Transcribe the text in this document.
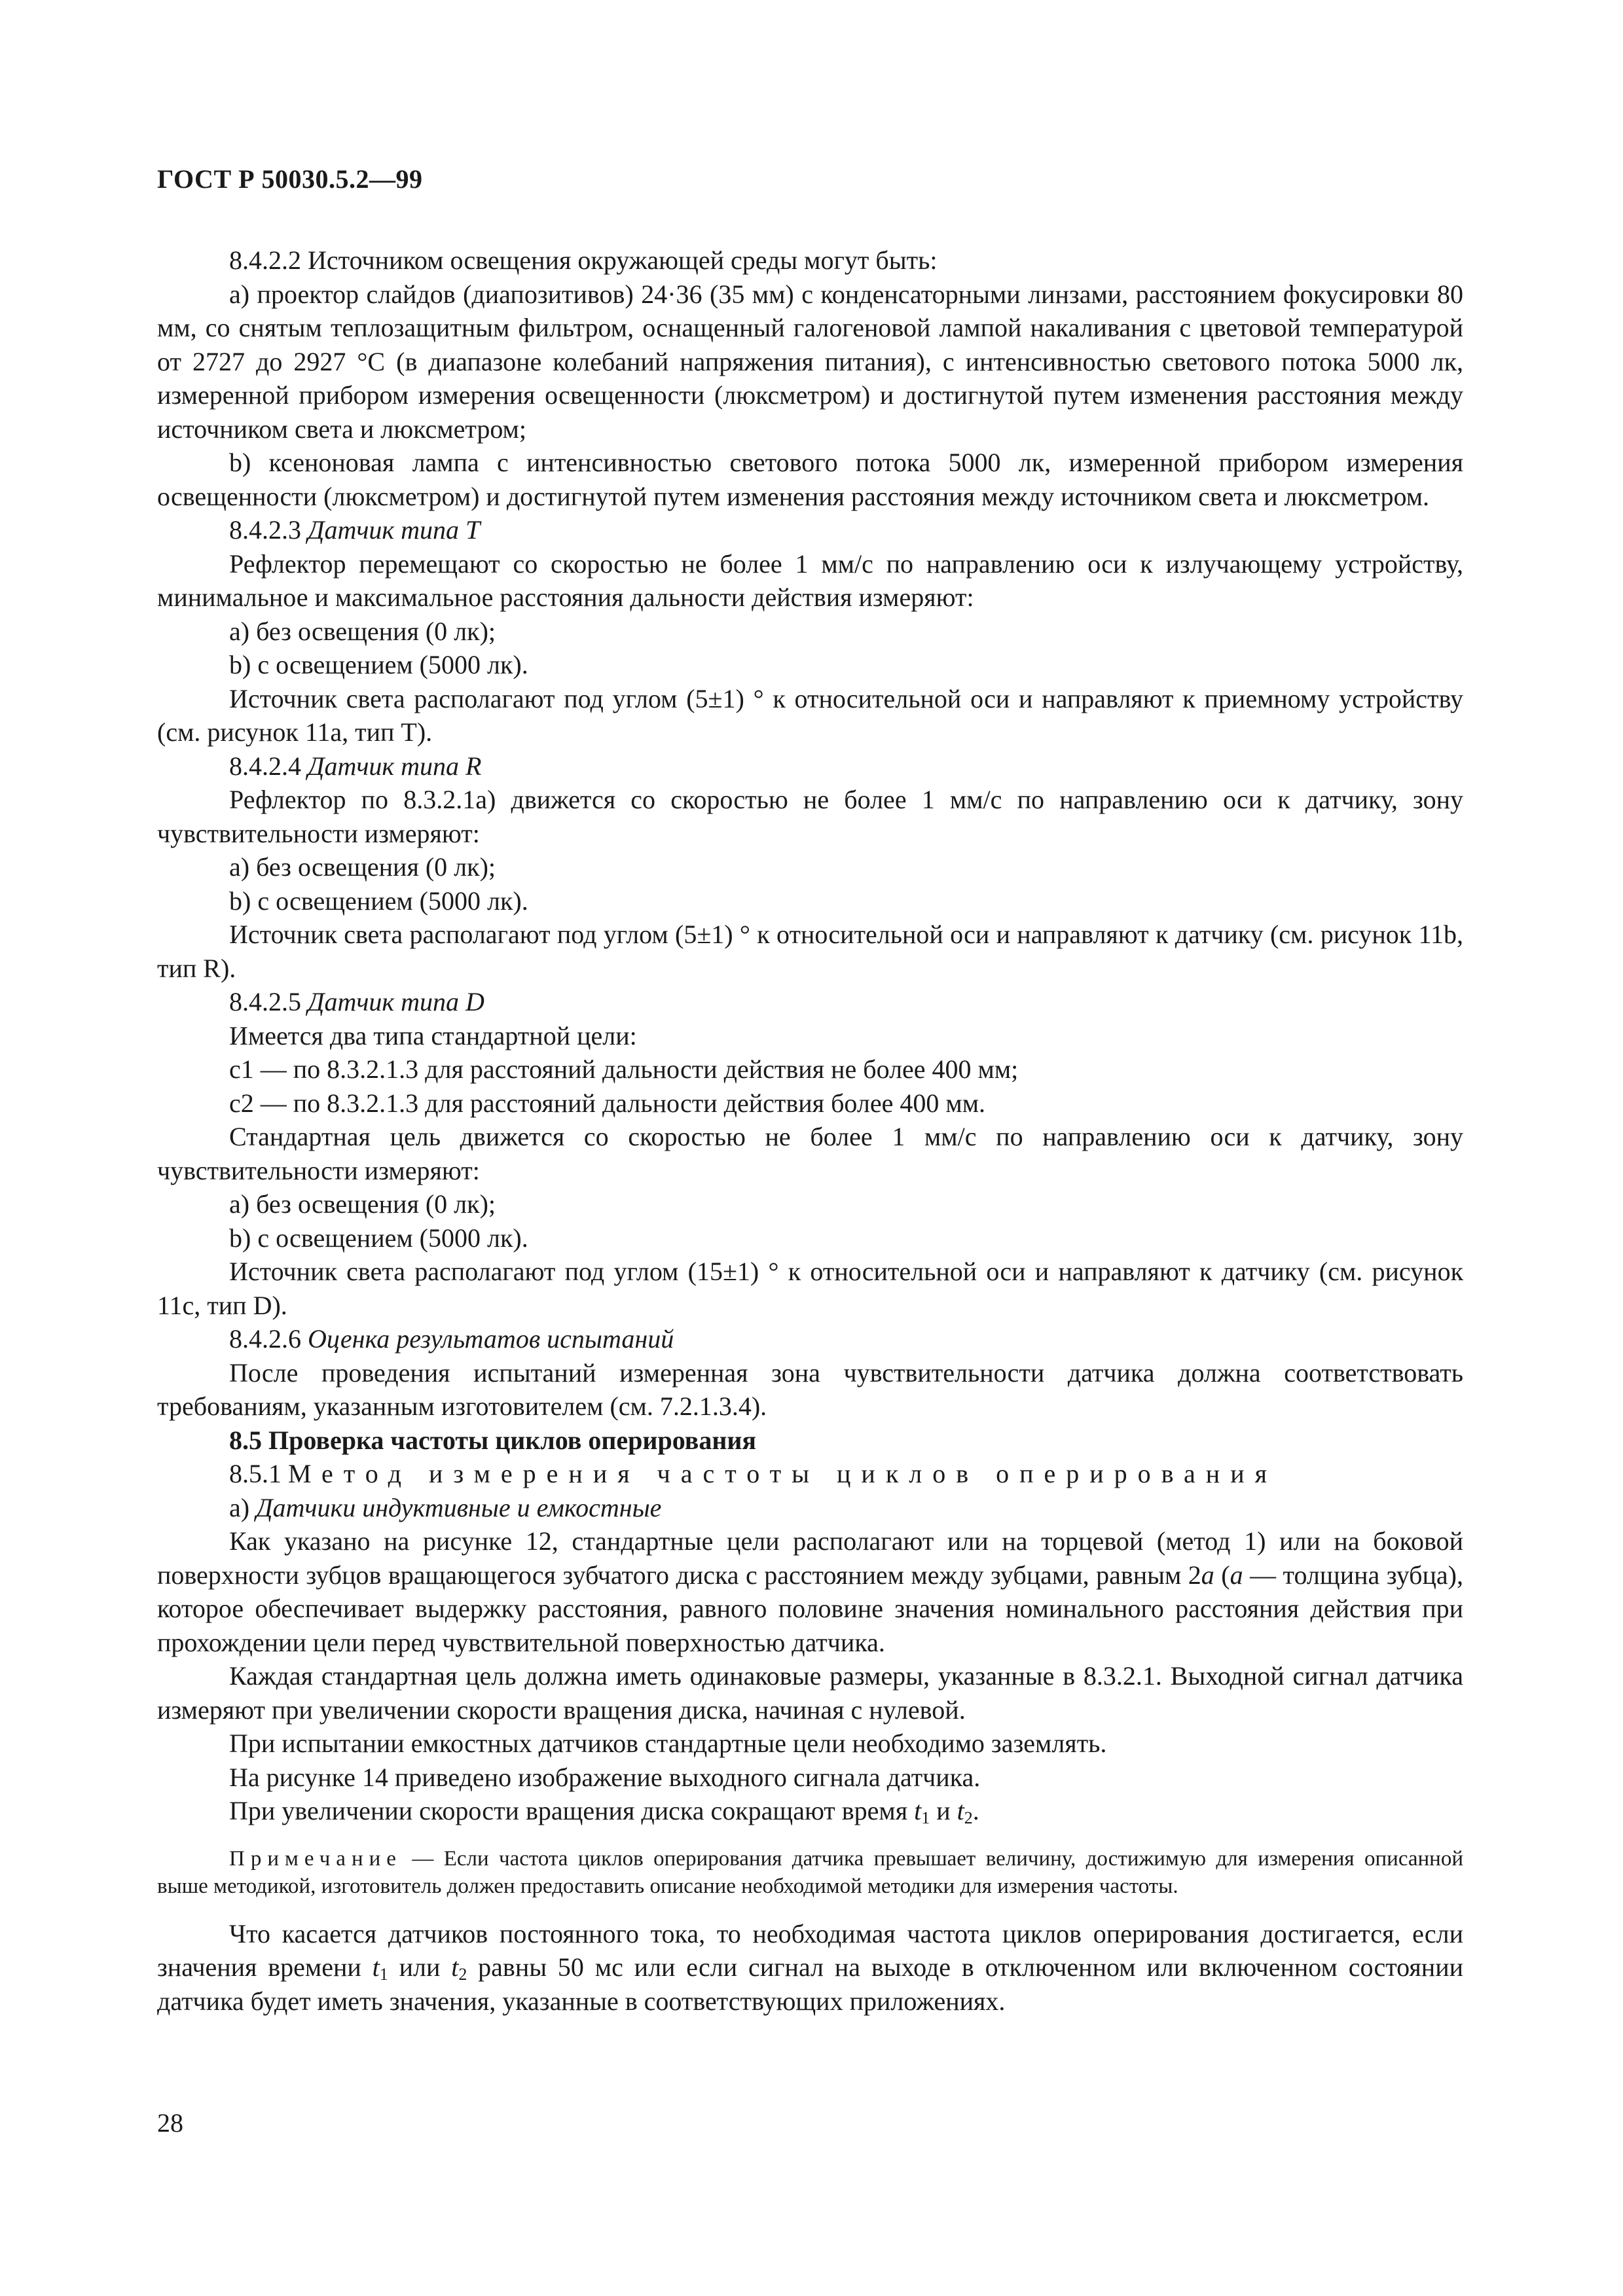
ГОСТ Р 50030.5.2—99

8.4.2.2 Источником освещения окружающей среды могут быть:

а) проектор слайдов (диапозитивов) 24·36 (35 мм) с конденсаторными линзами, расстоянием фокусировки 80 мм, со снятым теплозащитным фильтром, оснащенный галогеновой лампой накаливания с цветовой температурой от 2727 до 2927 °С (в диапазоне колебаний напряжения питания), с интенсивностью светового потока 5000 лк, измеренной прибором измерения освещенности (люксметром) и достигнутой путем изменения расстояния между источником света и люксметром;

b) ксеноновая лампа с интенсивностью светового потока 5000 лк, измеренной прибором измерения освещенности (люксметром) и достигнутой путем изменения расстояния между источником света и люксметром.

8.4.2.3 Датчик типа T

Рефлектор перемещают со скоростью не более 1 мм/с по направлению оси к излучающему устройству, минимальное и максимальное расстояния дальности действия измеряют:

а) без освещения (0 лк);

b) с освещением (5000 лк).

Источник света располагают под углом (5±1) ° к относительной оси и направляют к приемному устройству (см. рисунок 11а, тип Т).

8.4.2.4 Датчик типа R

Рефлектор по 8.3.2.1а) движется со скоростью не более 1 мм/с по направлению оси к датчику, зону чувствительности измеряют:

а) без освещения (0 лк);

b) с освещением (5000 лк).

Источник света располагают под углом (5±1) ° к относительной оси и направляют к датчику (см. рисунок 11b, тип R).

8.4.2.5 Датчик типа D

Имеется два типа стандартной цели:

c1 — по 8.3.2.1.3 для расстояний дальности действия не более 400 мм;

c2 — по 8.3.2.1.3 для расстояний дальности действия более 400 мм.

Стандартная цель движется со скоростью не более 1 мм/с по направлению оси к датчику, зону чувствительности измеряют:

а) без освещения (0 лк);

b) с освещением (5000 лк).

Источник света располагают под углом (15±1) ° к относительной оси и направляют к датчику (см. рисунок 11с, тип D).

8.4.2.6 Оценка результатов испытаний

После проведения испытаний измеренная зона чувствительности датчика должна соответствовать требованиям, указанным изготовителем (см. 7.2.1.3.4).

8.5 Проверка частоты циклов оперирования

8.5.1 Метод измерения частоты циклов оперирования

а) Датчики индуктивные и емкостные

Как указано на рисунке 12, стандартные цели располагают или на торцевой (метод 1) или на боковой поверхности зубцов вращающегося зубчатого диска с расстоянием между зубцами, равным 2а (а — толщина зубца), которое обеспечивает выдержку расстояния, равного половине значения номинального расстояния действия при прохождении цели перед чувствительной поверхностью датчика.

Каждая стандартная цель должна иметь одинаковые размеры, указанные в 8.3.2.1. Выходной сигнал датчика измеряют при увеличении скорости вращения диска, начиная с нулевой.

При испытании емкостных датчиков стандартные цели необходимо заземлять.

На рисунке 14 приведено изображение выходного сигнала датчика.

При увеличении скорости вращения диска сокращают время $t_1$ и $t_2$.

Примечание — Если частота циклов оперирования датчика превышает величину, достижимую для измерения описанной выше методикой, изготовитель должен предоставить описание необходимой методики для измерения частоты.

Что касается датчиков постоянного тока, то необходимая частота циклов оперирования достигается, если значения времени $t_1$ или $t_2$ равны 50 мс или если сигнал на выходе в отключенном или включенном состоянии датчика будет иметь значения, указанные в соответствующих приложениях.

28
